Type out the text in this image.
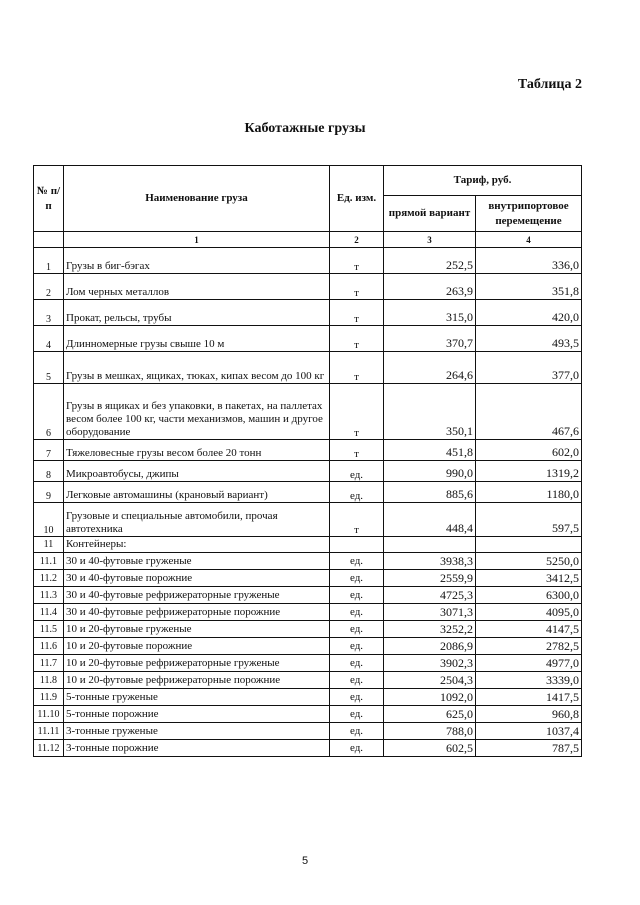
Таблица 2
Каботажные грузы
№ п/п	Наименование груза	Ед. изм.	Тариф, руб.	
			прямой вариант	внутрипортовое перемещение
	1	2	3	4
1	Грузы в биг-бэгах	т	252,5	336,0
2	Лом черных металлов	т	263,9	351,8
3	Прокат, рельсы, трубы	т	315,0	420,0
4	Длинномерные грузы свыше 10 м	т	370,7	493,5
5	Грузы в мешках, ящиках, тюках, кипах весом до 100 кг	т	264,6	377,0
6	Грузы в ящиках и без упаковки, в пакетах, на паллетах весом более 100 кг, части механизмов, машин и другое оборудование	т	350,1	467,6
7	Тяжеловесные грузы весом более 20 тонн	т	451,8	602,0
8	Микроавтобусы, джипы	ед.	990,0	1319,2
9	Легковые автомашины (крановый вариант)	ед.	885,6	1180,0
10	Грузовые и специальные автомобили, прочая автотехника	т	448,4	597,5
11	Контейнеры:			
11.1	30 и 40-футовые груженые	ед.	3938,3	5250,0
11.2	30 и 40-футовые порожние	ед.	2559,9	3412,5
11.3	30 и 40-футовые рефрижераторные груженые	ед.	4725,3	6300,0
11.4	30 и 40-футовые рефрижераторные порожние	ед.	3071,3	4095,0
11.5	10 и 20-футовые груженые	ед.	3252,2	4147,5
11.6	10 и 20-футовые порожние	ед.	2086,9	2782,5
11.7	10 и 20-футовые рефрижераторные груженые	ед.	3902,3	4977,0
11.8	10 и 20-футовые рефрижераторные порожние	ед.	2504,3	3339,0
11.9	5-тонные груженые	ед.	1092,0	1417,5
11.10	5-тонные порожние	ед.	625,0	960,8
11.11	3-тонные груженые	ед.	788,0	1037,4
11.12	3-тонные порожние	ед.	602,5	787,5
5
